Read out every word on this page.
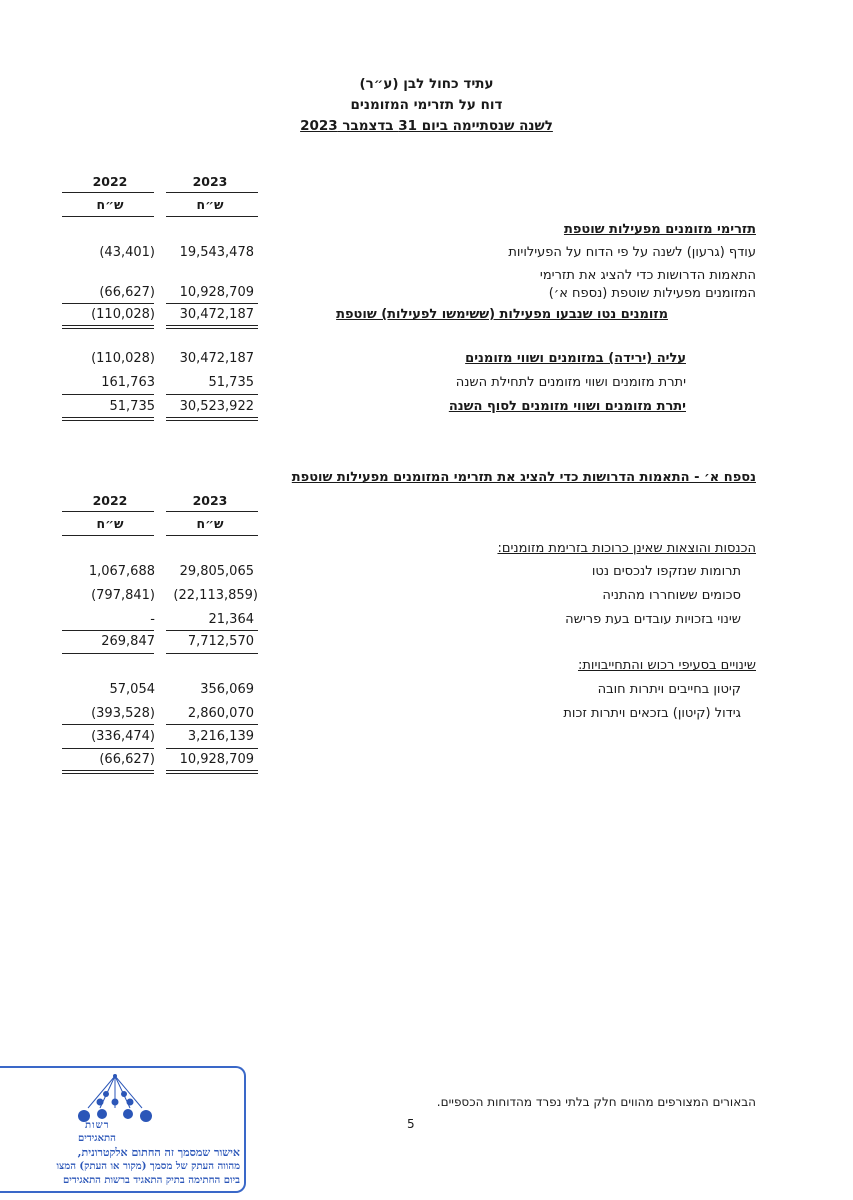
עתיד כחול לבן (ע״ר)
דוח על תזרימי המזומנים
לשנה שנסתיימה ביום 31 בדצמבר 2023
2023
2022
ש״ח
ש״ח
תזרימי מזומנים מפעילות שוטפת
עודף (גרעון) לשנה על פי הדוח על הפעילויות
19,543,478
(43,401)
התאמות הדרושות כדי להציג את תזרימי
המזומנים מפעילות שוטפת (נספח א׳)
10,928,709
(66,627)
מזומנים נטו שנבעו מפעילות (ששימשו לפעילות) שוטפת
30,472,187
(110,028)
עליה (ירידה) במזומנים ושווי מזומנים
30,472,187
(110,028)
יתרת מזומנים ושווי מזומנים לתחילת השנה
51,735
161,763
יתרת מזומנים ושווי מזומנים לסוף השנה
30,523,922
51,735
נספח א׳ - התאמות הדרושות כדי להציג את תזרימי המזומנים מפעילות שוטפת
2023
2022
ש״ח
ש״ח
הכנסות והוצאות שאינן כרוכות בזרימת מזומנים:
תרומות שנזקפו לנכסים נטו
29,805,065
1,067,688
סכומים ששוחררו מהתניה
(22,113,859)
(797,841)
שינוי בזכויות עובדים בעת פרישה
21,364
-
7,712,570
269,847
שינויים בסעיפי רכוש והתחייבויות:
קיטון בחייבים ויתרות חובה
356,069
57,054
גידול (קיטון) בזכאים ויתרות זכות
2,860,070
(393,528)
3,216,139
(336,474)
10,928,709
(66,627)
הבאורים המצורפים מהווים חלק בלתי נפרד מהדוחות הכספיים.
5
רשות
התאגידים
אישור שמסמך זה החתום אלקטרונית,
מהווה העתק של מסמך (מקור או העתק) המצו
ביום החתימה בתיק התאגיד ברשות התאגידים
